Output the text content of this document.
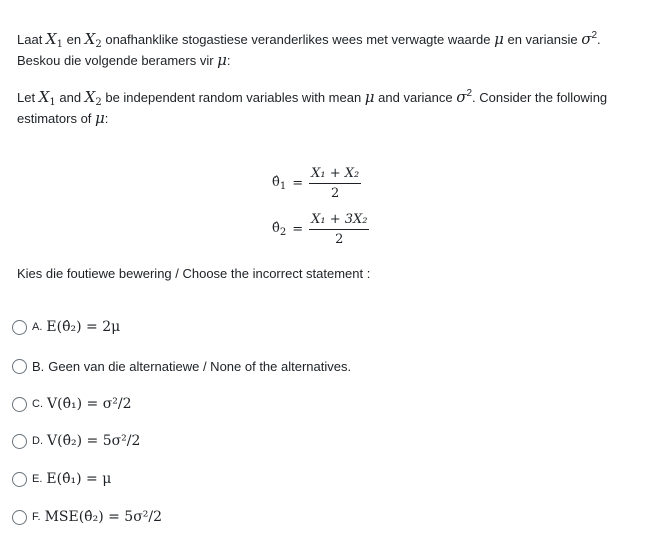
Laat $X_1$ en $X_2$ onafhanklike stogastiese veranderlikes wees met verwagte waarde μ en variansie $\sigma^2$.
Beskou die volgende beramers vir μ:
Let $X_1$ and $X_2$ be independent random variables with mean μ and variance $\sigma^2$. Consider the following
estimators of μ:
$\thetâ_1 = \frac{\text{X₁ + X₂}}{2}$
$\thetâ_2 = \frac{\text{X₁ + 3X₂}}{2}$
Kies die foutiewe bewering / Choose the incorrect statement :
A. E(θ̂₂) = 2μ
B. Geen van die alternatiewe / None of the alternatives.
C. V(θ̂₁) = σ²/2
D. V(θ̂₂) = 5σ²/2
E. E(θ̂₁) = μ
F. MSE(θ̂₂) = 5σ²/2
